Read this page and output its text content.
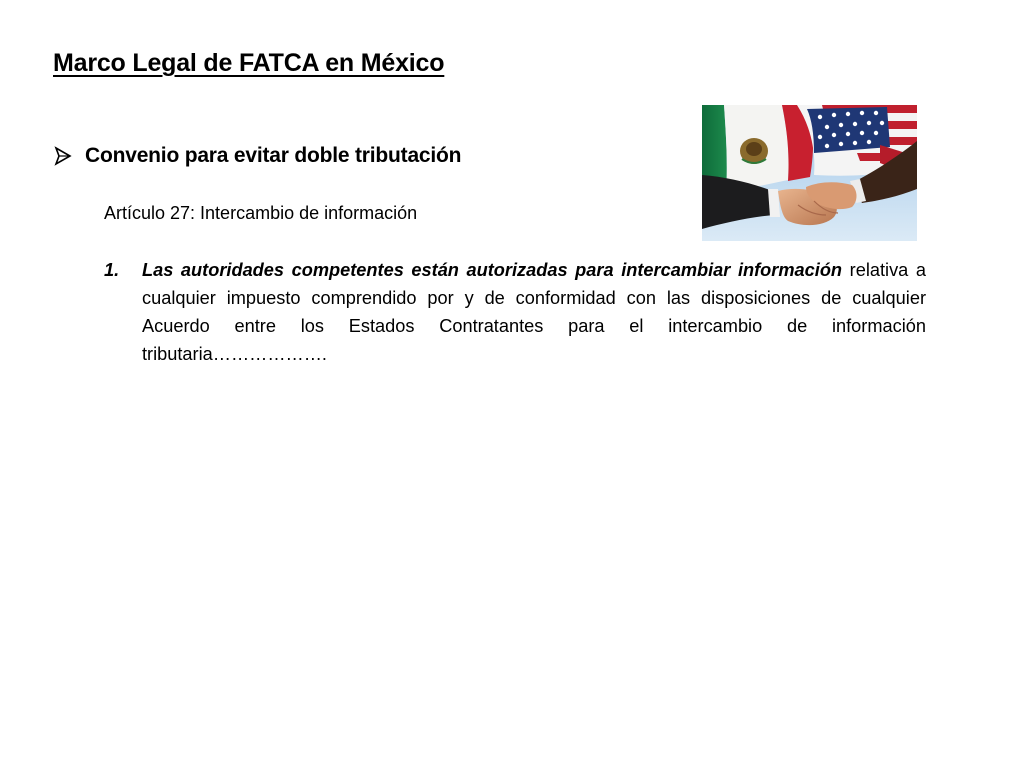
Marco Legal de FATCA en México
Convenio para evitar doble tributación
Artículo 27: Intercambio de información
1.	Las autoridades competentes están autorizadas para intercambiar información relativa a cualquier impuesto comprendido por y de conformidad con las disposiciones de cualquier Acuerdo entre los Estados Contratantes para el intercambio de información tributaria……………….
